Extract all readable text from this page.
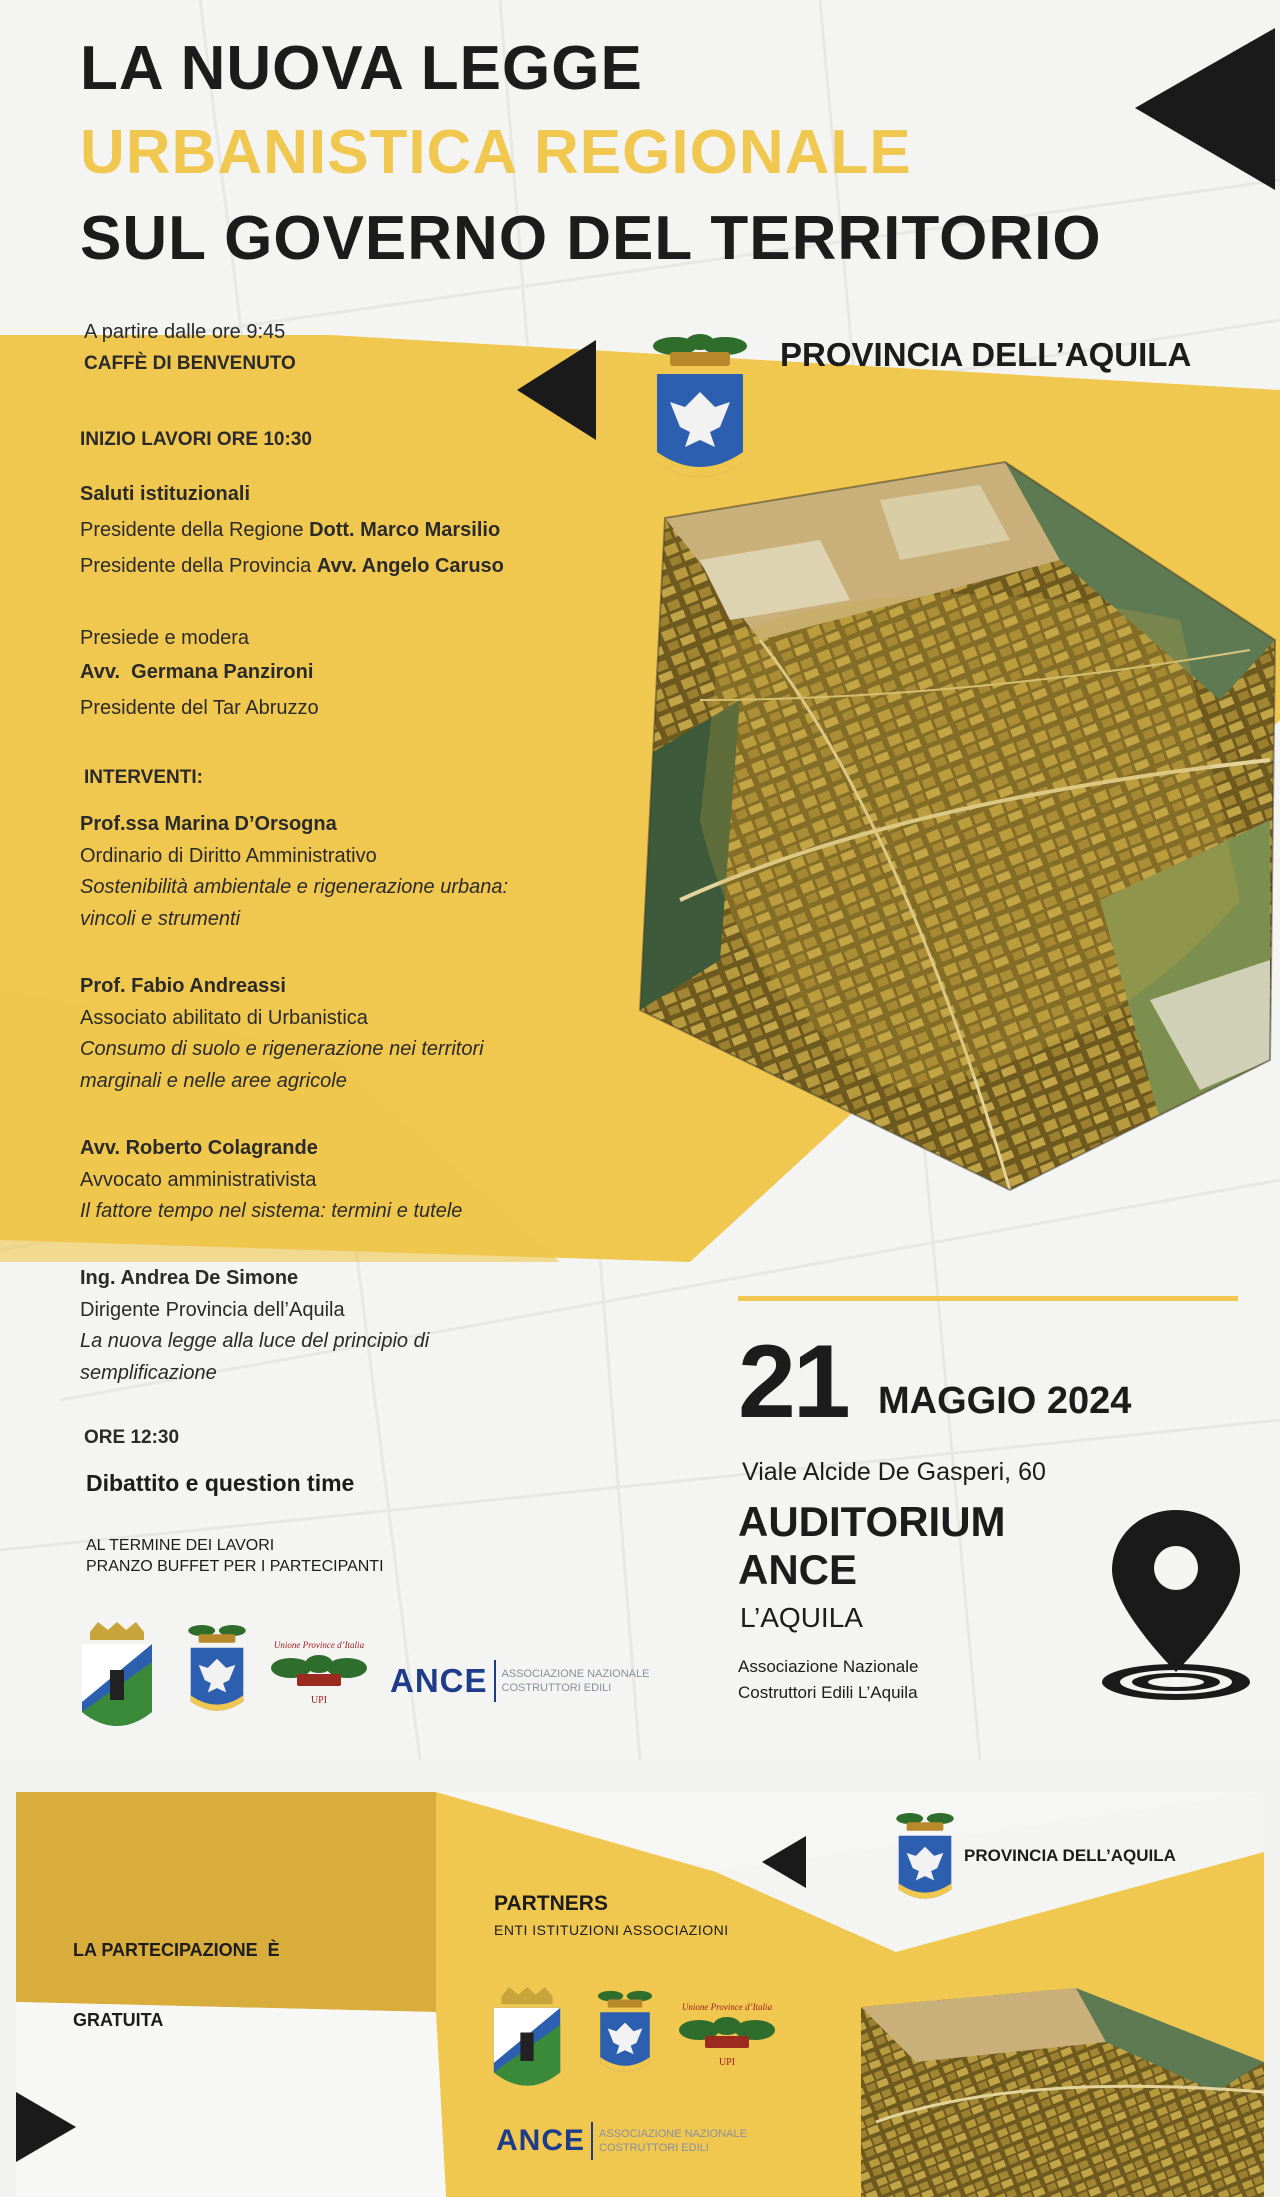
LA NUOVA LEGGE
URBANISTICA REGIONALE
SUL GOVERNO DEL TERRITORIO
PROVINCIA DELL’AQUILA
A partire dalle ore 9:45
CAFFÈ DI BENVENUTO
INIZIO LAVORI ORE 10:30
Saluti istituzionali
Presidente della Regione Dott. Marco Marsilio
Presidente della Provincia Avv. Angelo Caruso
Presiede e modera
Avv.  Germana Panzironi
Presidente del Tar Abruzzo
INTERVENTI:
Prof.ssa Marina D’Orsogna
Ordinario di Diritto Amministrativo
Sostenibilità ambientale e rigenerazione urbana:
vincoli e strumenti
Prof. Fabio Andreassi
Associato abilitato di Urbanistica
Consumo di suolo e rigenerazione nei territori
marginali e nelle aree agricole
Avv. Roberto Colagrande
Avvocato amministrativista
Il fattore tempo nel sistema: termini e tutele
Ing. Andrea De Simone
Dirigente Provincia dell’Aquila
La nuova legge alla luce del principio di
semplificazione
ORE 12:30
Dibattito e question time
AL TERMINE DEI LAVORI
PRANZO BUFFET PER I PARTECIPANTI
21 MAGGIO 2024
Viale Alcide De Gasperi, 60
AUDITORIUM
ANCE
L’AQUILA
Associazione Nazionale
Costruttori Edili L’Aquila
Unione Province d’Italia
UPI
ANCE ASSOCIAZIONE NAZIONALE
COSTRUTTORI EDILI

LA PARTECIPAZIONE  È

GRATUITA

PARTNERS
ENTI ISTITUZIONI ASSOCIAZIONI
PROVINCIA DELL’AQUILA
Unione Province d’Italia
UPI
ANCE ASSOCIAZIONE NAZIONALE
COSTRUTTORI EDILI
